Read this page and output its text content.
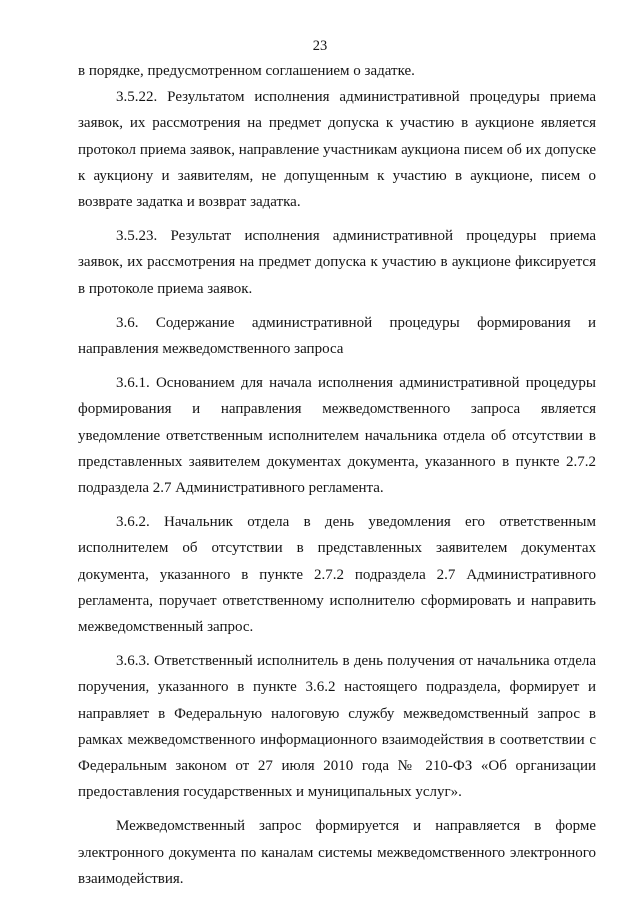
23

в порядке, предусмотренном соглашением о задатке.

3.5.22. Результатом исполнения административной процедуры приема заявок, их рассмотрения на предмет допуска к участию в аукционе является протокол приема заявок, направление участникам аукциона писем об их допуске к аукциону и заявителям, не допущенным к участию в аукционе, писем о возврате задатка и возврат задатка.

3.5.23. Результат исполнения административной процедуры приема заявок, их рассмотрения на предмет допуска к участию в аукционе фиксируется в протоколе приема заявок.

3.6. Содержание административной процедуры формирования и направления межведомственного запроса

3.6.1. Основанием для начала исполнения административной процедуры формирования и направления межведомственного запроса является уведомление ответственным исполнителем начальника отдела об отсутствии в представленных заявителем документах документа, указанного в пункте 2.7.2 подраздела 2.7 Административного регламента.

3.6.2. Начальник отдела в день уведомления его ответственным исполнителем об отсутствии в представленных заявителем документах документа, указанного в пункте 2.7.2 подраздела 2.7 Административного регламента, поручает ответственному исполнителю сформировать и направить межведомственный запрос.

3.6.3. Ответственный исполнитель в день получения от начальника отдела поручения, указанного в пункте 3.6.2 настоящего подраздела, формирует и направляет в Федеральную налоговую службу межведомственный запрос в рамках межведомственного информационного взаимодействия в соответствии с Федеральным законом от 27 июля 2010 года № 210-ФЗ «Об организации предоставления государственных и муниципальных услуг».

Межведомственный запрос формируется и направляется в форме электронного документа по каналам системы межведомственного электронного взаимодействия.
